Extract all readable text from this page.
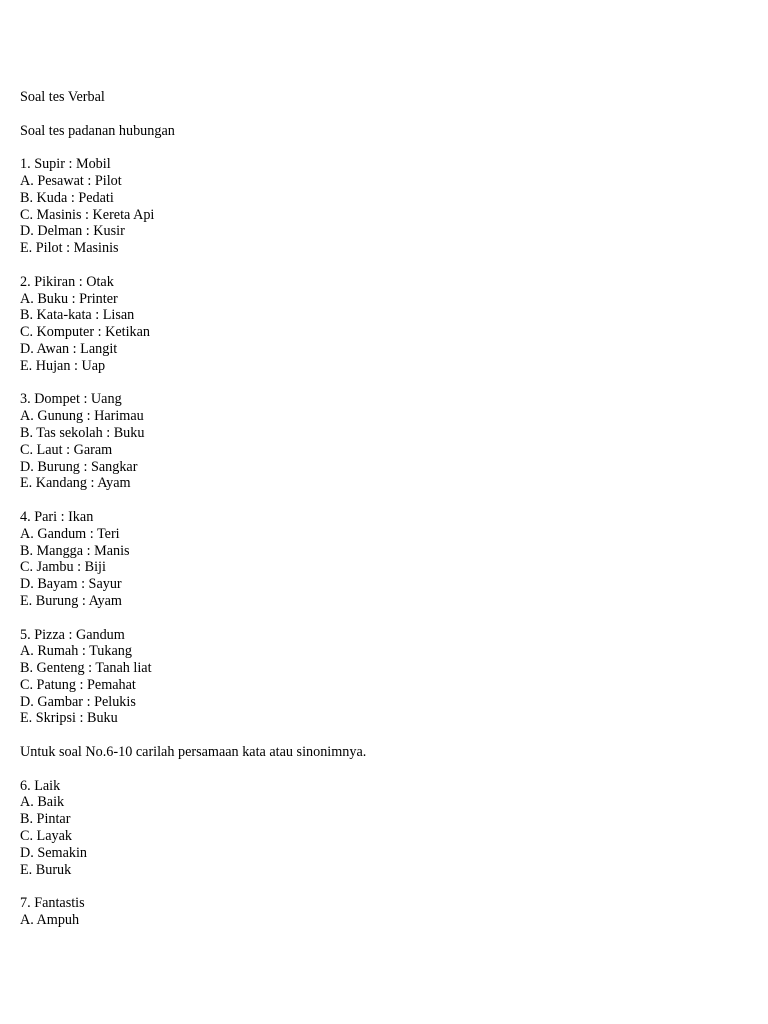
Soal tes Verbal
Soal tes padanan hubungan
1. Supir : Mobil
A. Pesawat : Pilot
B. Kuda : Pedati
C. Masinis : Kereta Api
D. Delman : Kusir
E. Pilot : Masinis
2. Pikiran : Otak
A. Buku : Printer
B. Kata-kata : Lisan
C. Komputer : Ketikan
D. Awan : Langit
E. Hujan : Uap
3. Dompet : Uang
A. Gunung : Harimau
B. Tas sekolah : Buku
C. Laut : Garam
D. Burung : Sangkar
E. Kandang : Ayam
4. Pari : Ikan
A. Gandum : Teri
B. Mangga : Manis
C. Jambu : Biji
D. Bayam : Sayur
E. Burung : Ayam
5. Pizza : Gandum
A. Rumah : Tukang
B. Genteng : Tanah liat
C. Patung : Pemahat
D. Gambar : Pelukis
E. Skripsi : Buku
Untuk soal No.6-10 carilah persamaan kata atau sinonimnya.
6. Laik
A. Baik
B. Pintar
C. Layak
D. Semakin
E. Buruk
7. Fantastis
A. Ampuh
